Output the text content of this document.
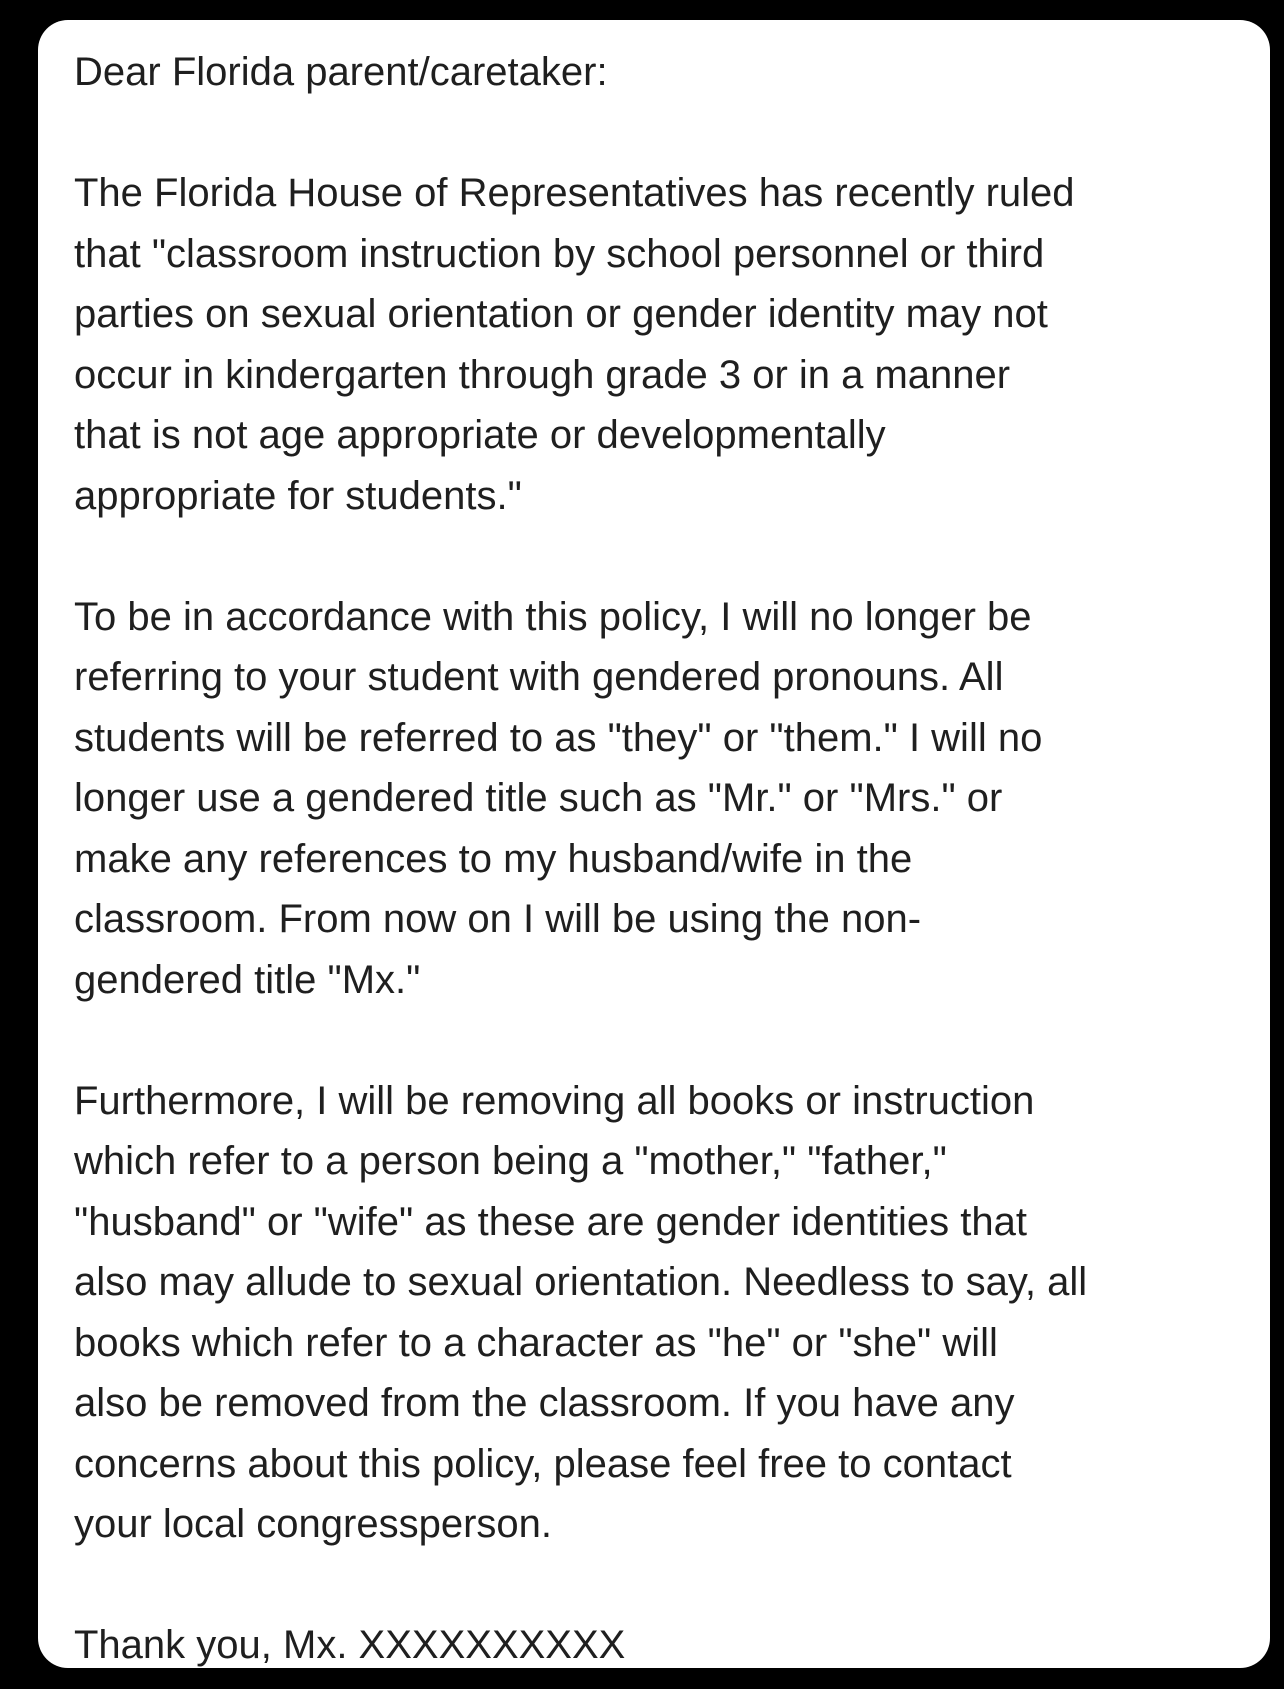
Dear Florida parent/caretaker:
The Florida House of Representatives has recently ruled
that "classroom instruction by school personnel or third
parties on sexual orientation or gender identity may not
occur in kindergarten through grade 3 or in a manner
that is not age appropriate or developmentally
appropriate for students."
To be in accordance with this policy, I will no longer be
referring to your student with gendered pronouns. All
students will be referred to as "they" or "them." I will no
longer use a gendered title such as "Mr." or "Mrs." or
make any references to my husband/wife in the
classroom. From now on I will be using the non-
gendered title "Mx."
Furthermore, I will be removing all books or instruction
which refer to a person being a "mother," "father,"
"husband" or "wife" as these are gender identities that
also may allude to sexual orientation. Needless to say, all
books which refer to a character as "he" or "she" will
also be removed from the classroom. If you have any
concerns about this policy, please feel free to contact
your local congressperson.
Thank you, Mx. XXXXXXXXXX
